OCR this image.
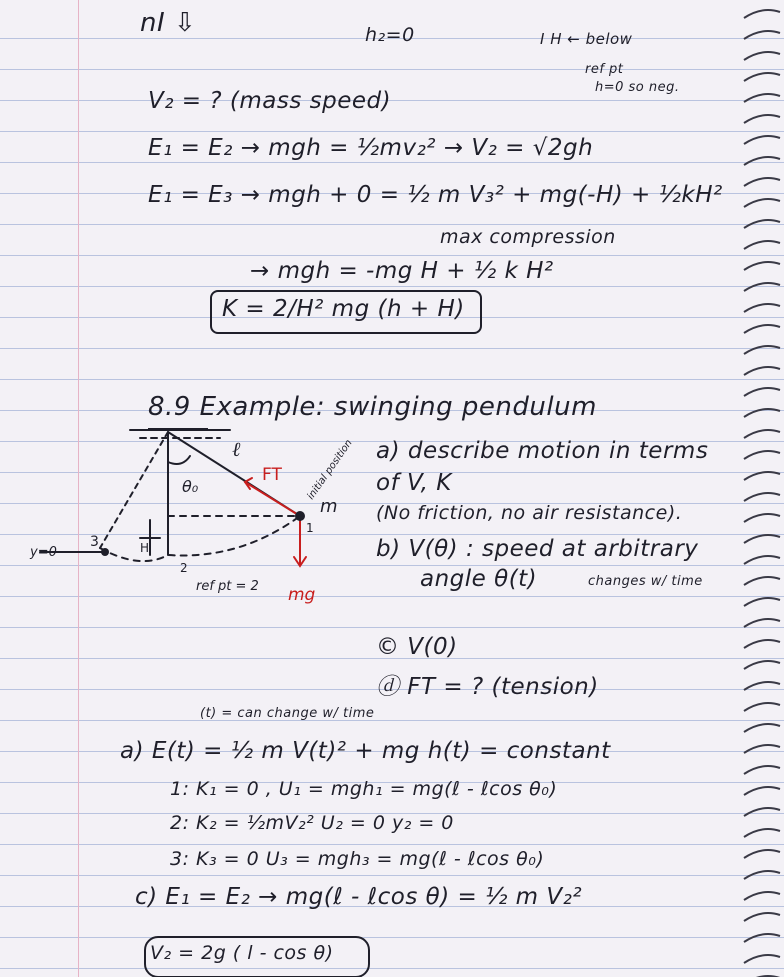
nI ⇩	h₂=0	I H ← below
ref pt
h=0 so neg.
V₂ = ? (mass speed)
E₁ = E₂ → mgh = ½mv₂² → V₂ = √2gh
E₁ = E₃ → mgh + 0 = ½ m V₃² + mg(-H) + ½kH²
max compression
→ mgh = -mg H + ½ k H²
K = 2/H² mg (h + H)
8.9 Example: swinging pendulum
a) describe motion in terms
of V, K
(No friction, no air resistance).
b) V(θ) : speed at arbitrary
angle θ(t)	changes w/ time
© V(0)
ⓓ FT = ? (tension)
(t) = can change w/ time
a) E(t) = ½ m V(t)² + mg h(t) = constant
1: K₁ = 0 , U₁ = mgh₁ = mg(ℓ - ℓcos θ₀)
2: K₂ = ½mV₂² U₂ = 0 y₂ = 0
3: K₃ = 0 U₃ = mgh₃ = mg(ℓ - ℓcos θ₀)
c) E₁ = E₂ → mg(ℓ - ℓcos θ) = ½ m V₂²
V₂ = 2g ( l - cos θ)
ℓ
FT
θ₀
m
initial position
1
2
3
y=0
ref pt = 2 mg
H
